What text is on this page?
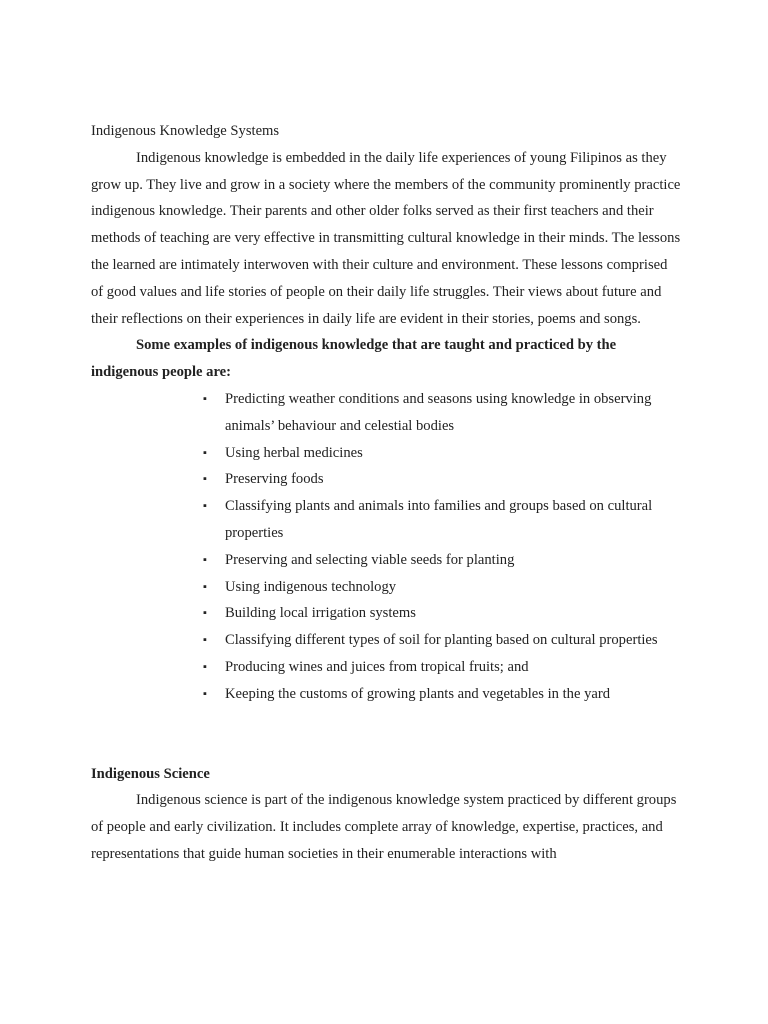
Indigenous Knowledge Systems

Indigenous knowledge is embedded in the daily life experiences of young Filipinos as they grow up. They live and grow in a society where the members of the community prominently practice indigenous knowledge. Their parents and other older folks served as their first teachers and their methods of teaching are very effective in transmitting cultural knowledge in their minds. The lessons the learned are intimately interwoven with their culture and environment. These lessons comprised of good values and life stories of people on their daily life struggles. Their views about future and their reflections on their experiences in daily life are evident in their stories, poems and songs.

Some examples of indigenous knowledge that are taught and practiced by the indigenous people are:

▪ Predicting weather conditions and seasons using knowledge in observing animals’ behaviour and celestial bodies
▪ Using herbal medicines
▪ Preserving foods
▪ Classifying plants and animals into families and groups based on cultural properties
▪ Preserving and selecting viable seeds for planting
▪ Using indigenous technology
▪ Building local irrigation systems
▪ Classifying different types of soil for planting based on cultural properties
▪ Producing wines and juices from tropical fruits; and
▪ Keeping the customs of growing plants and vegetables in the yard

Indigenous Science

Indigenous science is part of the indigenous knowledge system practiced by different groups of people and early civilization. It includes complete array of knowledge, expertise, practices, and representations that guide human societies in their enumerable interactions with
